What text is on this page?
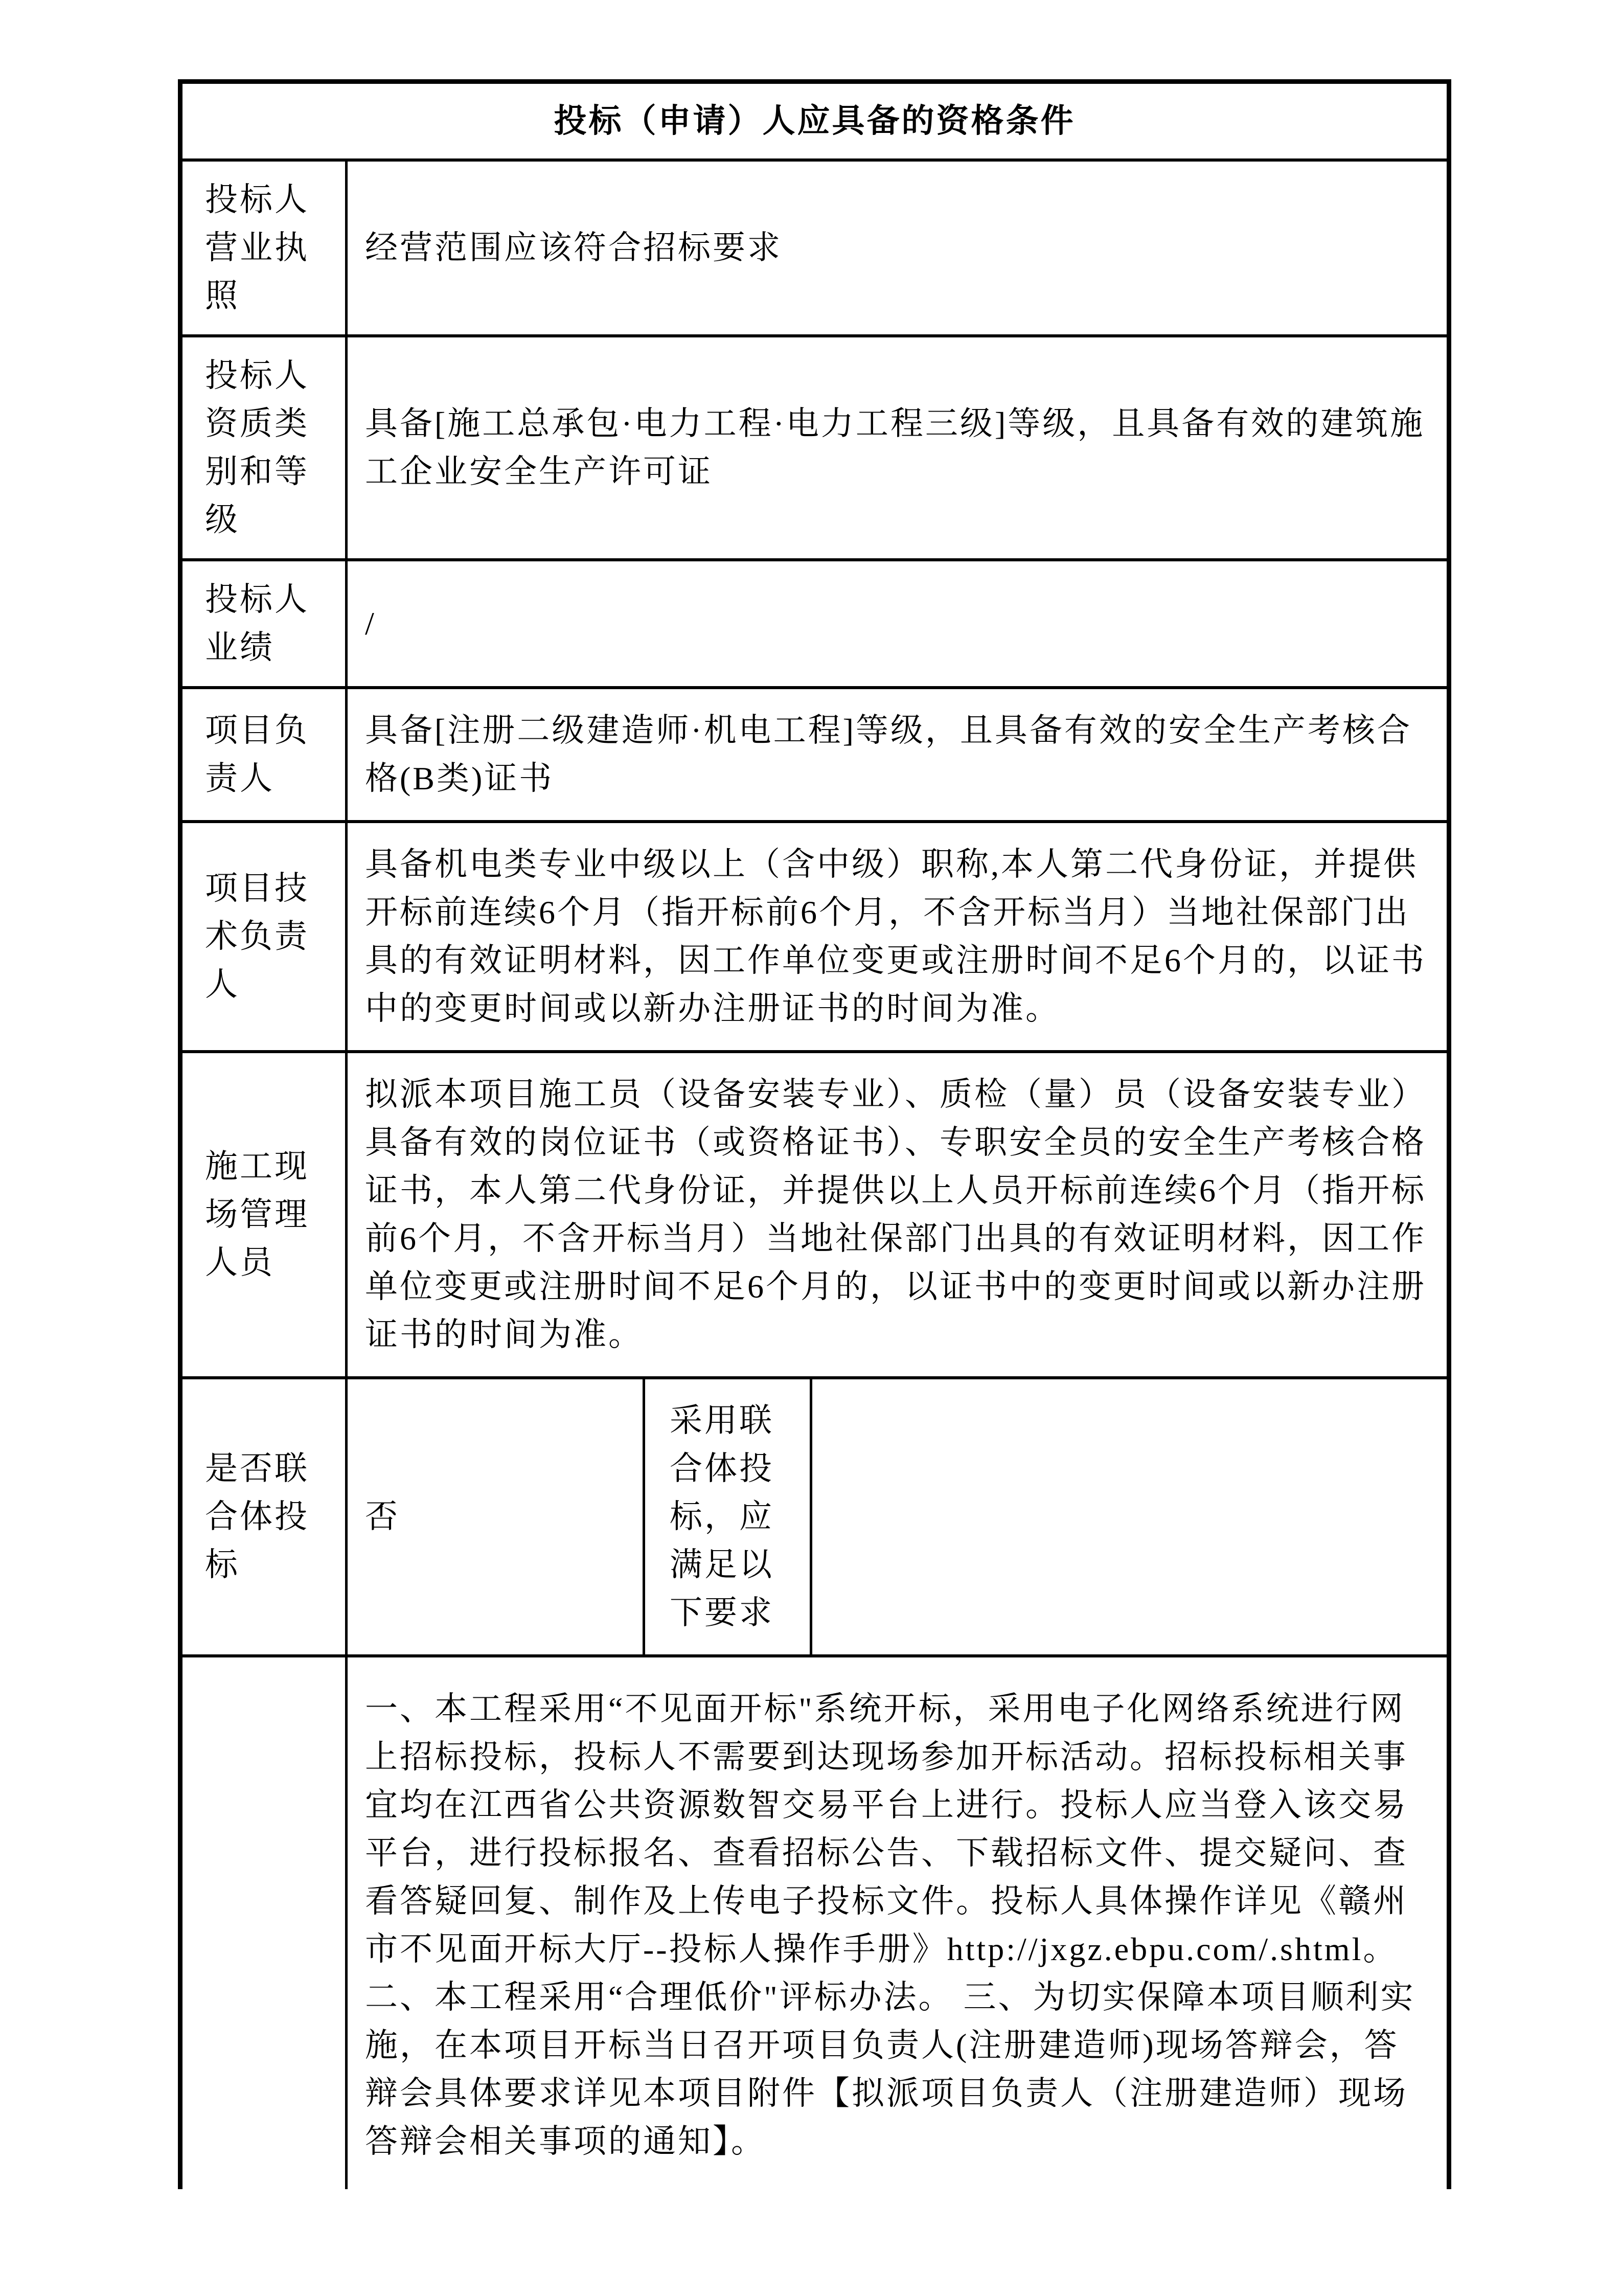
投标（申请）人应具备的资格条件			
投标人营业执照	经营范围应该符合招标要求		
投标人资质类别和等级	具备[施工总承包·电力工程·电力工程三级]等级，且具备有效的建筑施工企业安全生产许可证		
投标人业绩	/		
项目负责人	具备[注册二级建造师·机电工程]等级，且具备有效的安全生产考核合格(B类)证书		
项目技术负责人	具备机电类专业中级以上（含中级）职称,本人第二代身份证，并提供开标前连续6个月（指开标前6个月，不含开标当月）当地社保部门出具的有效证明材料，因工作单位变更或注册时间不足6个月的，以证书中的变更时间或以新办注册证书的时间为准。		
施工现场管理人员	拟派本项目施工员（设备安装专业）、质检（量）员（设备安装专业）具备有效的岗位证书（或资格证书）、专职安全员的安全生产考核合格证书，本人第二代身份证，并提供以上人员开标前连续6个月（指开标前6个月，不含开标当月）当地社保部门出具的有效证明材料，因工作单位变更或注册时间不足6个月的，以证书中的变更时间或以新办注册证书的时间为准。		
是否联合体投标	否	采用联合体投标，应满足以下要求	
	一、本工程采用“不见面开标"系统开标，采用电子化网络系统进行网上招标投标，投标人不需要到达现场参加开标活动。招标投标相关事宜均在江西省公共资源数智交易平台上进行。投标人应当登入该交易平台，进行投标报名、查看招标公告、下载招标文件、提交疑问、查看答疑回复、制作及上传电子投标文件。投标人具体操作详见《赣州市不见面开标大厅--投标人操作手册》http://jxgz.ebpu.com/.shtml。 二、本工程采用“合理低价"评标办法。 三、为切实保障本项目顺利实施，在本项目开标当日召开项目负责人(注册建造师)现场答辩会，答辩会具体要求详见本项目附件【拟派项目负责人（注册建造师）现场答辩会相关事项的通知】。		
